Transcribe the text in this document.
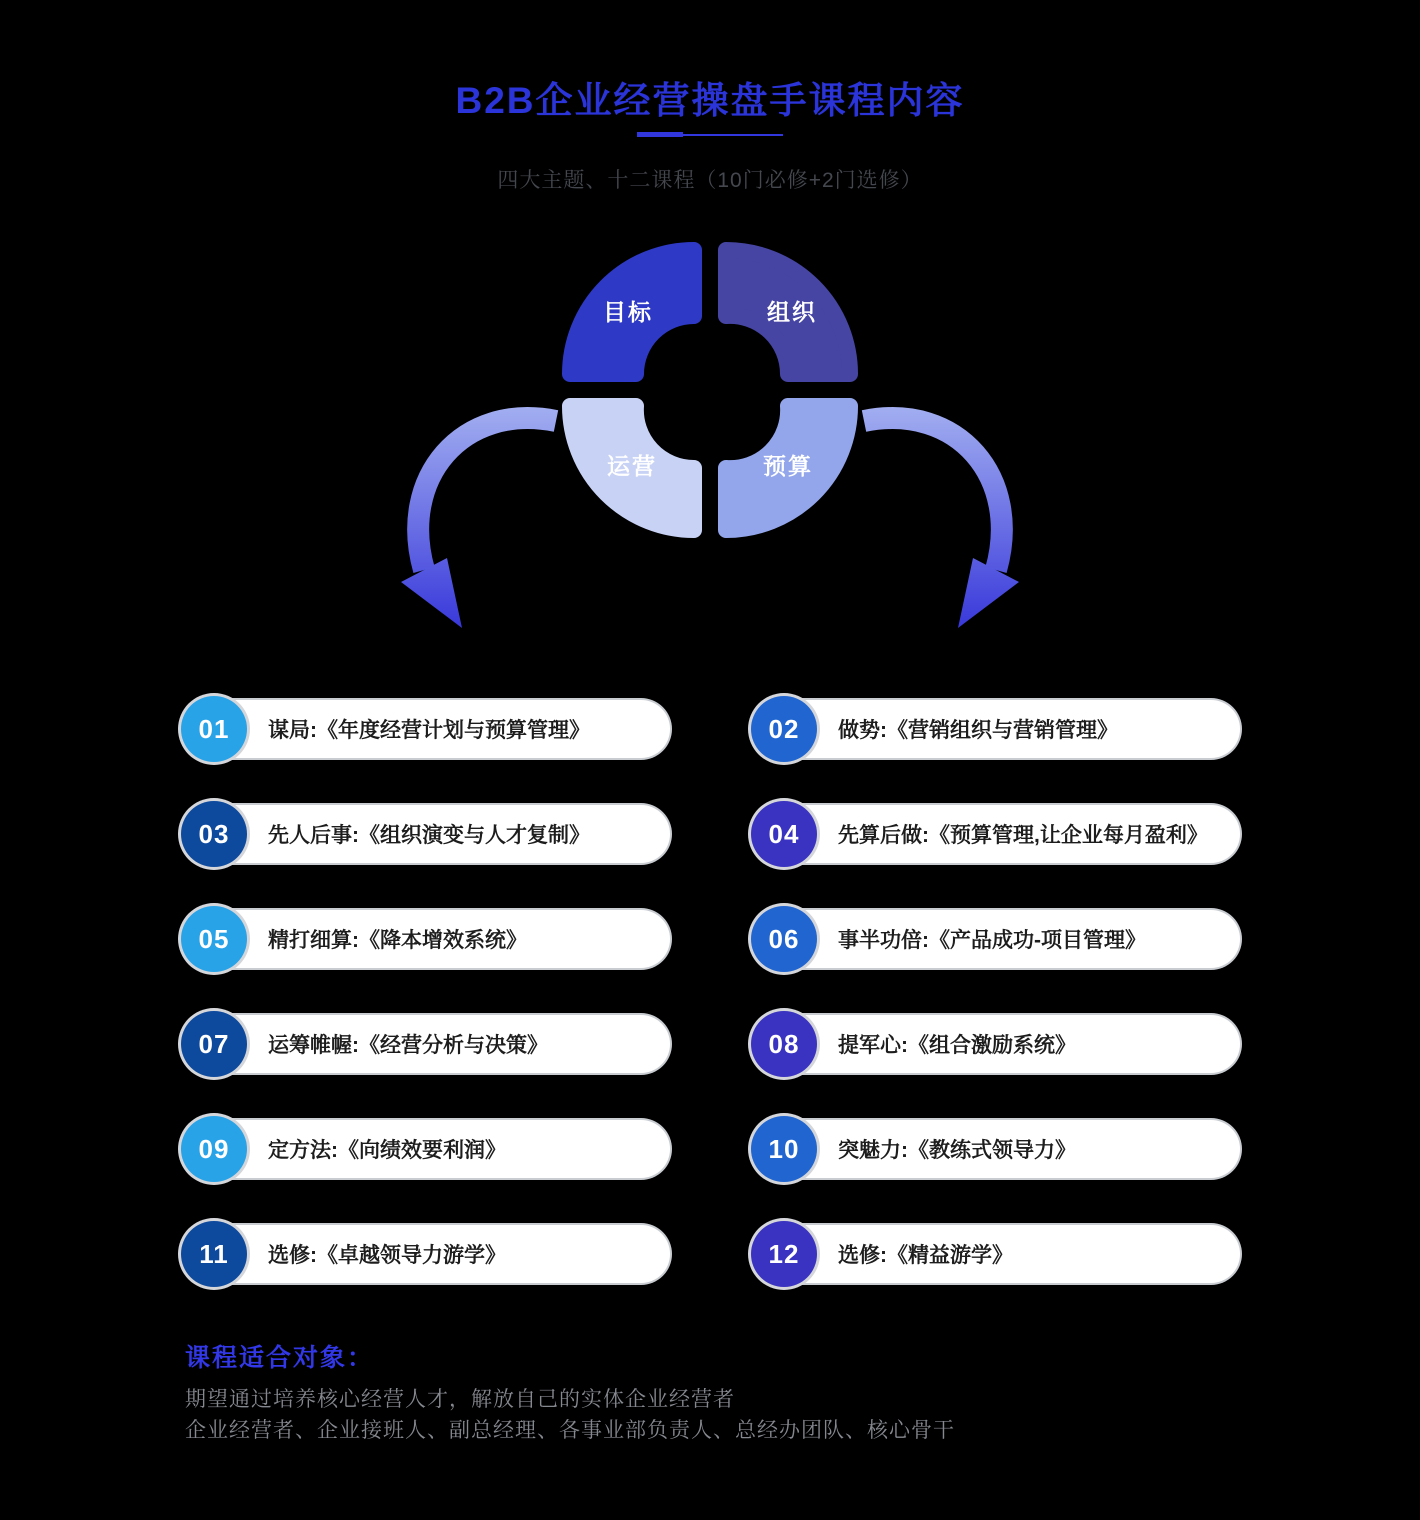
B2B企业经营操盘手课程内容

四大主题、十二课程（10门必修+2门选修）

目标	组织
运营	预算
01	谋局:《年度经营计划与预算管理》	02	做势:《营销组织与营销管理》
03	先人后事:《组织演变与人才复制》	04	先算后做:《预算管理,让企业每月盈利》
05	精打细算:《降本增效系统》	06	事半功倍:《产品成功-项目管理》
07	运筹帷幄:《经营分析与决策》	08	提军心:《组合激励系统》
09	定方法:《向绩效要利润》	10	突魅力:《教练式领导力》
11	选修:《卓越领导力游学》	12	选修:《精益游学》
课程适合对象：

期望通过培养核心经营人才，解放自己的实体企业经营者

企业经营者、企业接班人、副总经理、各事业部负责人、总经办团队、核心骨干
